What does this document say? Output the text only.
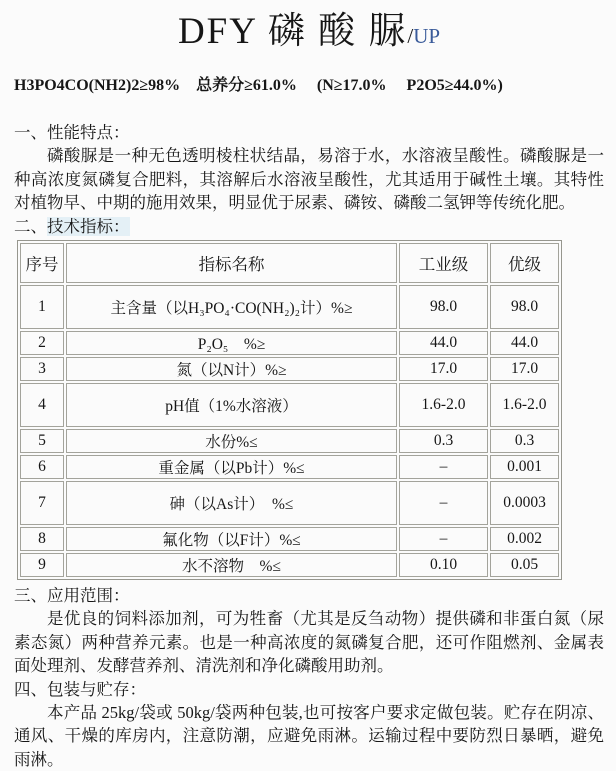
DFY 磷 酸 脲/UP
H3PO4CO(NH2)2≥98%　总养分≥61.0%　 (N≥17.0%　 P2O5≥44.0%)
一、性能特点：

磷酸脲是一种无色透明棱柱状结晶，易溶于水，水溶液呈酸性。磷酸脲是一种高浓度氮磷复合肥料，其溶解后水溶液呈酸性，尤其适用于碱性土壤。其特性对植物早、中期的施用效果，明显优于尿素、磷铵、磷酸二氢钾等传统化肥。

二、技术指标：
序号	指标名称	工业级	优级
1	主含量（以H₃PO₄·CO(NH₂)₂计）%≥	98.0	98.0
2	P₂O₅　%≥	44.0	44.0
3	氮（以N计）%≥	17.0	17.0
4	pH值（1%水溶液）	1.6-2.0	1.6-2.0
5	水份%≤	0.3	0.3
6	重金属（以Pb计）%≤	–	0.001
7	砷（以As计）　%≤	–	0.0003
8	氟化物（以F计）%≤	–	0.002
9	水不溶物　%≤	0.10	0.05
三、应用范围：

是优良的饲料添加剂，可为牲畜（尤其是反刍动物）提供磷和非蛋白氮（尿素态氮）两种营养元素。也是一种高浓度的氮磷复合肥，还可作阻燃剂、金属表面处理剂、发酵营养剂、清洗剂和净化磷酸用助剂。

四、包装与贮存：

本产品 25kg/袋或 50kg/袋两种包装,也可按客户要求定做包装。贮存在阴凉、通风、干燥的库房内，注意防潮，应避免雨淋。运输过程中要防烈日暴晒，避免雨淋。
